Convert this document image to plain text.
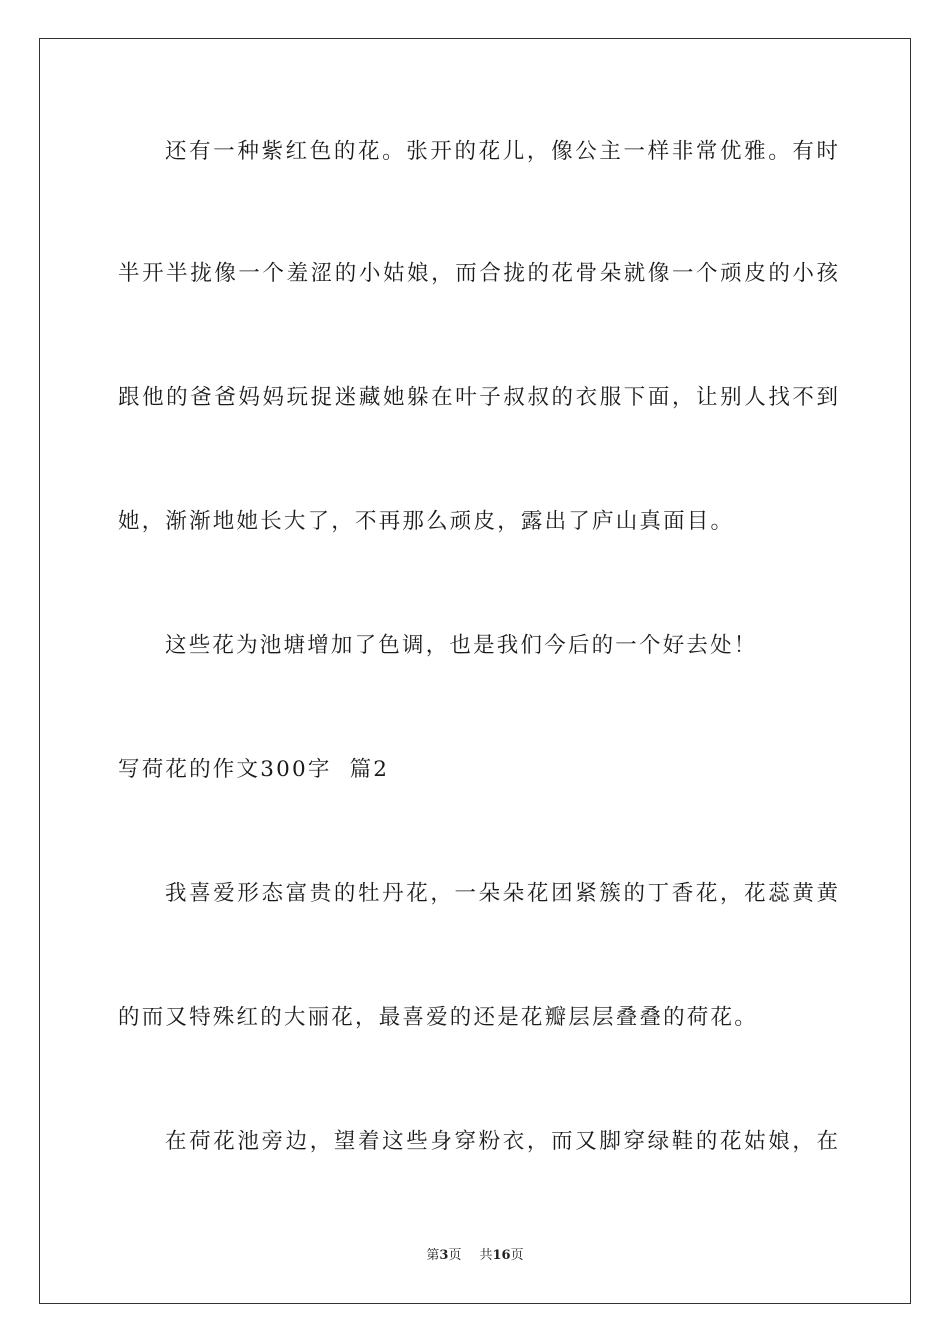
还有一种紫红色的花。张开的花儿，像公主一样非常优雅。有时
半开半拢像一个羞涩的小姑娘，而合拢的花骨朵就像一个顽皮的小孩
跟他的爸爸妈妈玩捉迷藏她躲在叶子叔叔的衣服下面，让别人找不到
她，渐渐地她长大了，不再那么顽皮，露出了庐山真面目。
这些花为池塘增加了色调，也是我们今后的一个好去处！
写荷花的作文300字  篇2
我喜爱形态富贵的牡丹花，一朵朵花团紧簇的丁香花，花蕊黄黄
的而又特殊红的大丽花，最喜爱的还是花瓣层层叠叠的荷花。
在荷花池旁边，望着这些身穿粉衣，而又脚穿绿鞋的花姑娘，在
第3页 共16页
